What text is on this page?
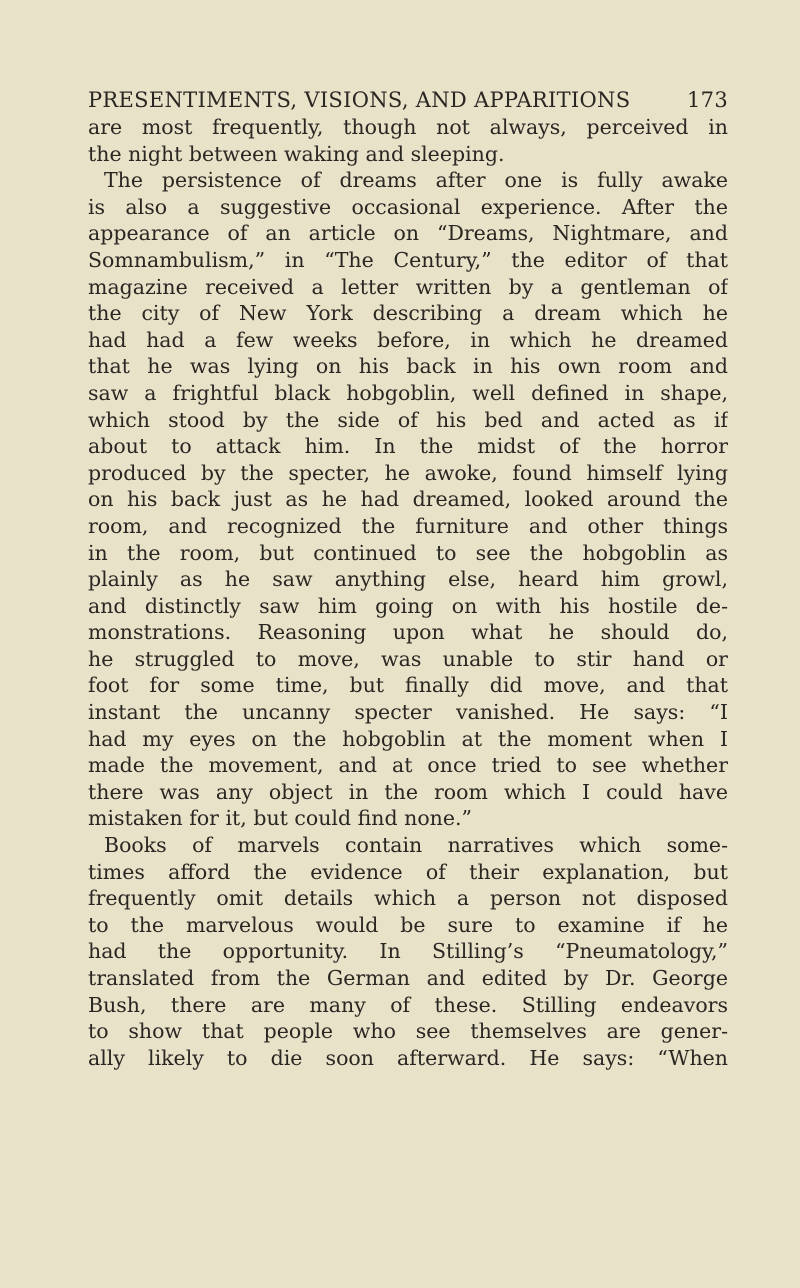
PRESENTIMENTS, VISIONS, AND APPARITIONS	173
are most frequently, though not always, perceived in
the night between waking and sleeping.
The persistence of dreams after one is fully awake
is also a suggestive occasional experience. After the
appearance of an article on “Dreams, Nightmare, and
Somnambulism,” in “The Century,” the editor of that
magazine received a letter written by a gentleman of
the city of New York describing a dream which he
had had a few weeks before, in which he dreamed
that he was lying on his back in his own room and
saw a frightful black hobgoblin, well defined in shape,
which stood by the side of his bed and acted as if
about to attack him. In the midst of the horror
produced by the specter, he awoke, found himself lying
on his back just as he had dreamed, looked around the
room, and recognized the furniture and other things
in the room, but continued to see the hobgoblin as
plainly as he saw anything else, heard him growl,
and distinctly saw him going on with his hostile de-
monstrations. Reasoning upon what he should do,
he struggled to move, was unable to stir hand or
foot for some time, but finally did move, and that
instant the uncanny specter vanished. He says: “I
had my eyes on the hobgoblin at the moment when I
made the movement, and at once tried to see whether
there was any object in the room which I could have
mistaken for it, but could find none.”
Books of marvels contain narratives which some-
times afford the evidence of their explanation, but
frequently omit details which a person not disposed
to the marvelous would be sure to examine if he
had the opportunity. In Stilling’s “Pneumatology,”
translated from the German and edited by Dr. George
Bush, there are many of these. Stilling endeavors
to show that people who see themselves are gener-
ally likely to die soon afterward. He says: “When
